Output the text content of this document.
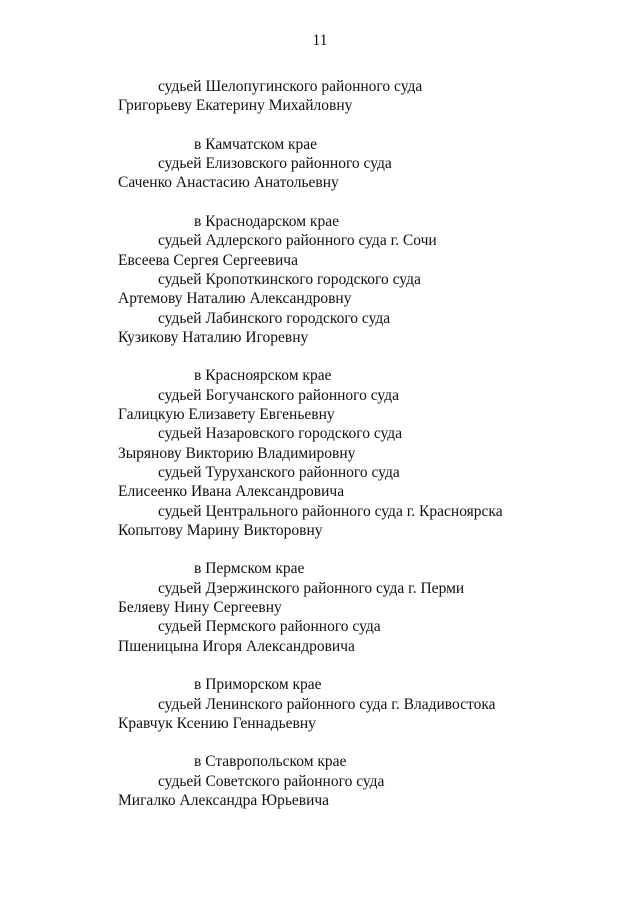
11
судьей Шелопугинского районного суда
Григорьеву Екатерину Михайловну
в Камчатском крае
судьей Елизовского районного суда
Саченко Анастасию Анатольевну
в Краснодарском крае
судьей Адлерского районного суда г. Сочи
Евсеева Сергея Сергеевича
судьей Кропоткинского городского суда
Артемову Наталию Александровну
судьей Лабинского городского суда
Кузикову Наталию Игоревну
в Красноярском крае
судьей Богучанского районного суда
Галицкую Елизавету Евгеньевну
судьей Назаровского городского суда
Зырянову Викторию Владимировну
судьей Туруханского районного суда
Елисеенко Ивана Александровича
судьей Центрального районного суда г. Красноярска
Копытову Марину Викторовну
в Пермском крае
судьей Дзержинского районного суда г. Перми
Беляеву Нину Сергеевну
судьей Пермского районного суда
Пшеницына Игоря Александровича
в Приморском крае
судьей Ленинского районного суда г. Владивостока
Кравчук Ксению Геннадьевну
в Ставропольском крае
судьей Советского районного суда
Мигалко Александра Юрьевича
